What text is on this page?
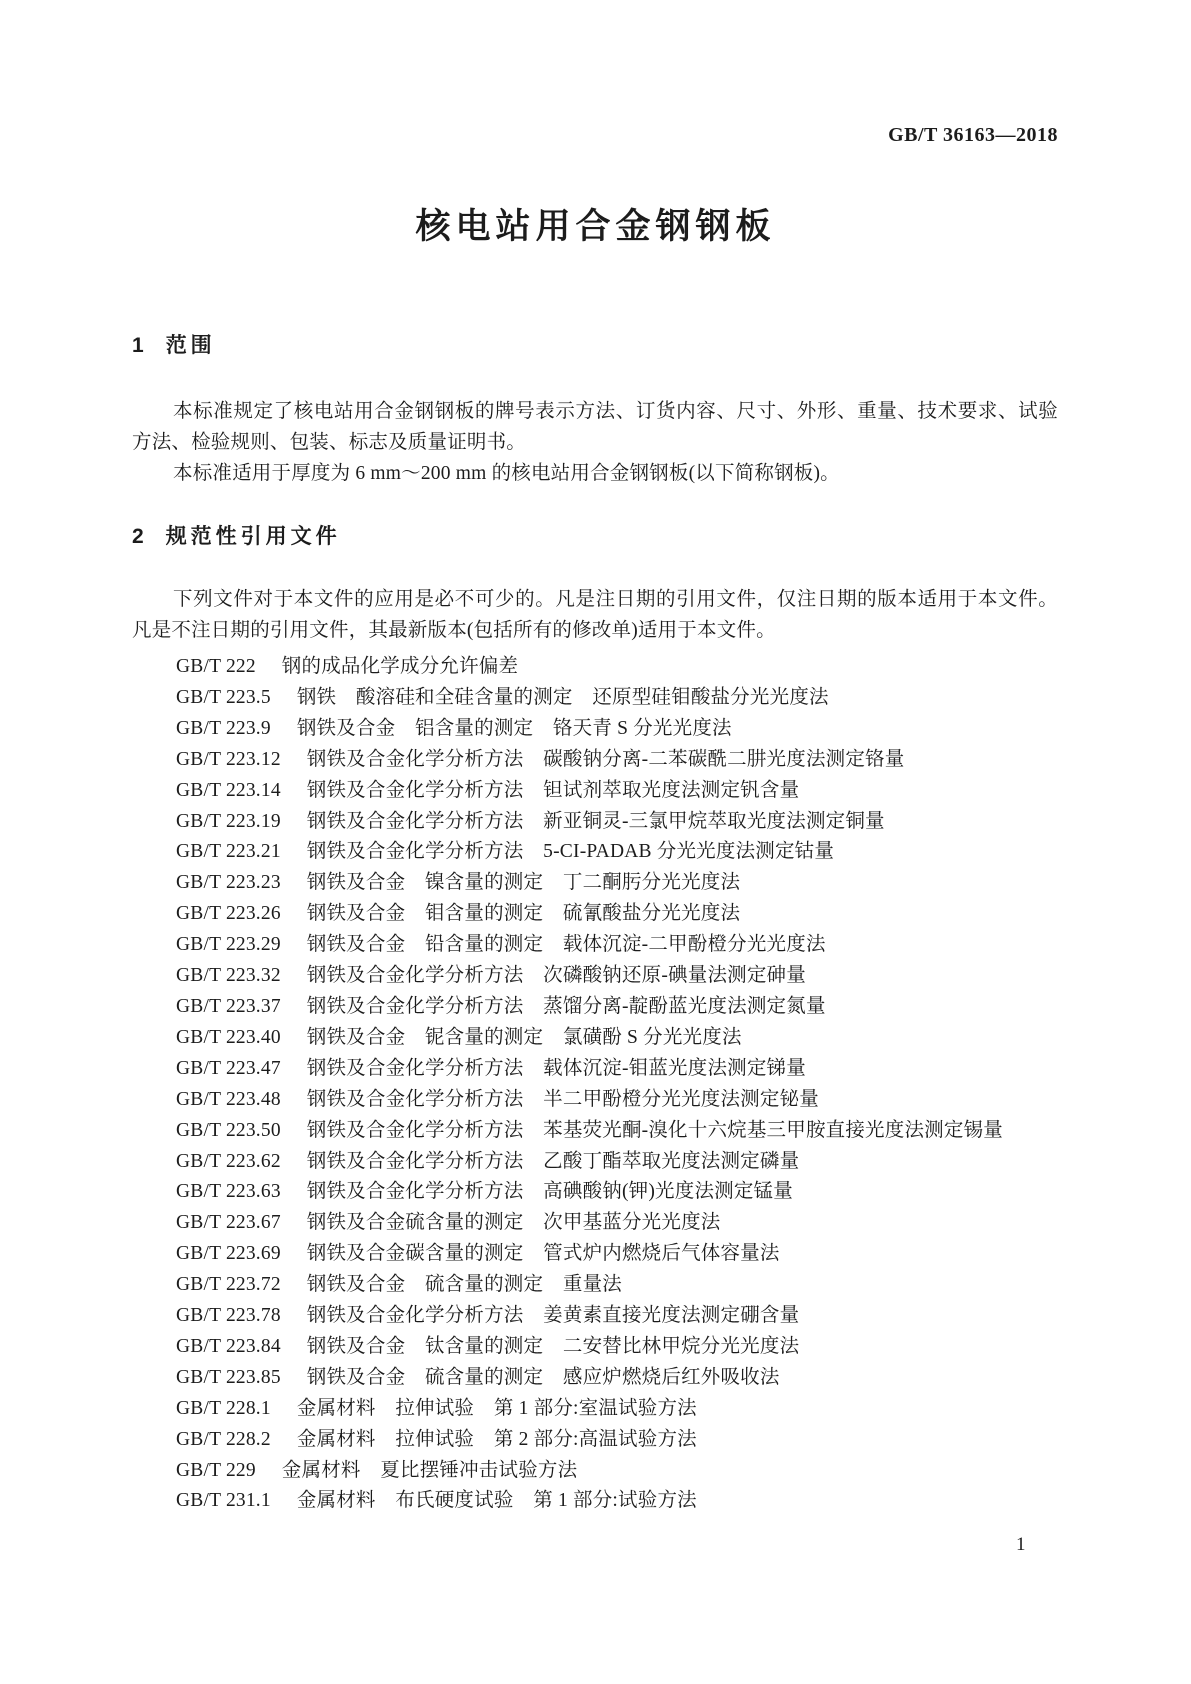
GB/T 36163—2018
核电站用合金钢钢板
1 范围

本标准规定了核电站用合金钢钢板的牌号表示方法、订货内容、尺寸、外形、重量、技术要求、试验方法、检验规则、包装、标志及质量证明书。

本标准适用于厚度为 6 mm～200 mm 的核电站用合金钢钢板(以下简称钢板)。

2 规范性引用文件

下列文件对于本文件的应用是必不可少的。凡是注日期的引用文件，仅注日期的版本适用于本文件。凡是不注日期的引用文件，其最新版本(包括所有的修改单)适用于本文件。

GB/T 222 钢的成品化学成分允许偏差
GB/T 223.5 钢铁　酸溶硅和全硅含量的测定　还原型硅钼酸盐分光光度法
GB/T 223.9 钢铁及合金　铝含量的测定　铬天青 S 分光光度法
GB/T 223.12 钢铁及合金化学分析方法　碳酸钠分离-二苯碳酰二肼光度法测定铬量
GB/T 223.14 钢铁及合金化学分析方法　钽试剂萃取光度法测定钒含量
GB/T 223.19 钢铁及合金化学分析方法　新亚铜灵-三氯甲烷萃取光度法测定铜量
GB/T 223.21 钢铁及合金化学分析方法　5-CI-PADAB 分光光度法测定钴量
GB/T 223.23 钢铁及合金　镍含量的测定　丁二酮肟分光光度法
GB/T 223.26 钢铁及合金　钼含量的测定　硫氰酸盐分光光度法
GB/T 223.29 钢铁及合金　铅含量的测定　载体沉淀-二甲酚橙分光光度法
GB/T 223.32 钢铁及合金化学分析方法　次磷酸钠还原-碘量法测定砷量
GB/T 223.37 钢铁及合金化学分析方法　蒸馏分离-靛酚蓝光度法测定氮量
GB/T 223.40 钢铁及合金　铌含量的测定　氯磺酚 S 分光光度法
GB/T 223.47 钢铁及合金化学分析方法　载体沉淀-钼蓝光度法测定锑量
GB/T 223.48 钢铁及合金化学分析方法　半二甲酚橙分光光度法测定铋量
GB/T 223.50 钢铁及合金化学分析方法　苯基荧光酮-溴化十六烷基三甲胺直接光度法测定锡量
GB/T 223.62 钢铁及合金化学分析方法　乙酸丁酯萃取光度法测定磷量
GB/T 223.63 钢铁及合金化学分析方法　高碘酸钠(钾)光度法测定锰量
GB/T 223.67 钢铁及合金硫含量的测定　次甲基蓝分光光度法
GB/T 223.69 钢铁及合金碳含量的测定　管式炉内燃烧后气体容量法
GB/T 223.72 钢铁及合金　硫含量的测定　重量法
GB/T 223.78 钢铁及合金化学分析方法　姜黄素直接光度法测定硼含量
GB/T 223.84 钢铁及合金　钛含量的测定　二安替比林甲烷分光光度法
GB/T 223.85 钢铁及合金　硫含量的测定　感应炉燃烧后红外吸收法
GB/T 228.1 金属材料　拉伸试验　第 1 部分:室温试验方法
GB/T 228.2 金属材料　拉伸试验　第 2 部分:高温试验方法
GB/T 229 金属材料　夏比摆锤冲击试验方法
GB/T 231.1 金属材料　布氏硬度试验　第 1 部分:试验方法
1
